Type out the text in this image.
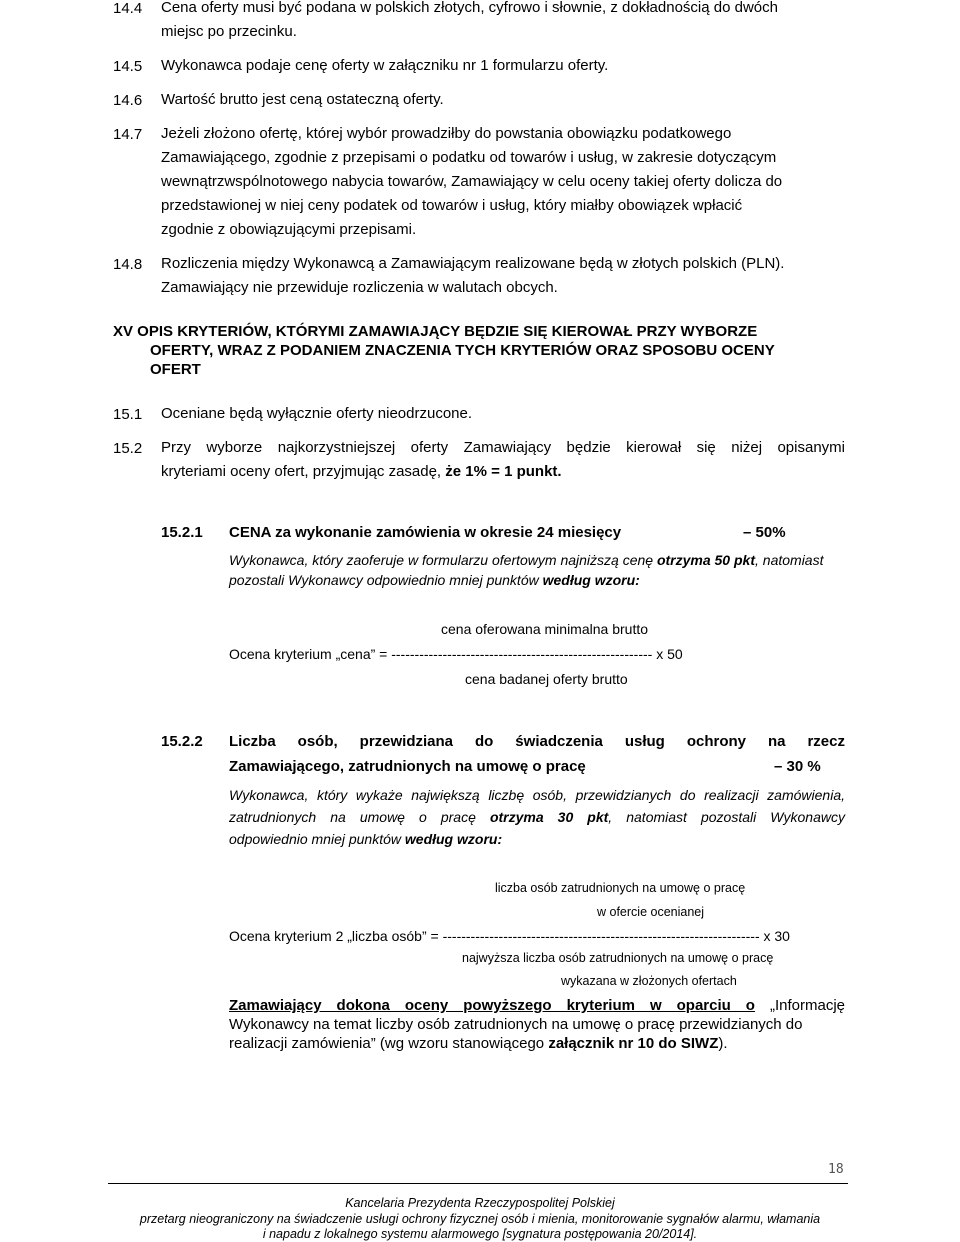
14.4 Cena oferty musi być podana w polskich złotych, cyfrowo i słownie, z dokładnością do dwóch
miejsc po przecinku.
14.5 Wykonawca podaje cenę oferty w załączniku nr 1 formularzu oferty.
14.6 Wartość brutto jest ceną ostateczną oferty.
14.7 Jeżeli złożono ofertę, której wybór prowadziłby do powstania obowiązku podatkowego
Zamawiającego, zgodnie z przepisami o podatku od towarów i usług, w zakresie dotyczącym
wewnątrzwspólnotowego nabycia towarów, Zamawiający w celu oceny takiej oferty dolicza do
przedstawionej w niej ceny podatek od towarów i usług, który miałby obowiązek wpłacić
zgodnie z obowiązującymi przepisami.
14.8 Rozliczenia między Wykonawcą a Zamawiającym realizowane będą w złotych polskich (PLN).
Zamawiający nie przewiduje rozliczenia w walutach obcych.
XV OPIS KRYTERIÓW, KTÓRYMI ZAMAWIAJĄCY BĘDZIE SIĘ KIEROWAŁ PRZY WYBORZE
OFERTY, WRAZ Z PODANIEM ZNACZENIA TYCH KRYTERIÓW ORAZ SPOSOBU OCENY
OFERT
15.1 Oceniane będą wyłącznie oferty nieodrzucone.
15.2 Przy wyborze najkorzystniejszej oferty Zamawiający będzie kierował się niżej opisanymi
kryteriami oceny ofert, przyjmując zasadę, że 1% = 1 punkt.
15.2.1 CENA za wykonanie zamówienia w okresie 24 miesięcy	– 50%
Wykonawca, który zaoferuje w formularzu ofertowym najniższą cenę otrzyma 50 pkt, natomiast
pozostali Wykonawcy odpowiednio mniej punktów według wzoru:
cena oferowana minimalna brutto
Ocena kryterium „cena” = -------------------------------------------------------- x 50
cena badanej oferty brutto
15.2.2 Liczba osób, przewidziana do świadczenia usług ochrony na rzecz
Zamawiającego, zatrudnionych na umowę o pracę	– 30 %
Wykonawca, który wykaże największą liczbę osób, przewidzianych do realizacji zamówienia,
zatrudnionych na umowę o pracę otrzyma 30 pkt, natomiast pozostali Wykonawcy
odpowiednio mniej punktów według wzoru:
liczba osób zatrudnionych na umowę o pracę
w ofercie ocenianej
Ocena kryterium 2 „liczba osób” = -------------------------------------------------------------------- x 30
najwyższa liczba osób zatrudnionych na umowę o pracę
wykazana w złożonych ofertach
Zamawiający dokona oceny powyższego kryterium w oparciu o „Informację
Wykonawcy na temat liczby osób zatrudnionych na umowę o pracę przewidzianych do
realizacji zamówienia” (wg wzoru stanowiącego załącznik nr 10 do SIWZ).
18
Kancelaria Prezydenta Rzeczypospolitej Polskiej
przetarg nieograniczony na świadczenie usługi ochrony fizycznej osób i mienia, monitorowanie sygnałów alarmu, włamania
i napadu z lokalnego systemu alarmowego [sygnatura postępowania 20/2014].
